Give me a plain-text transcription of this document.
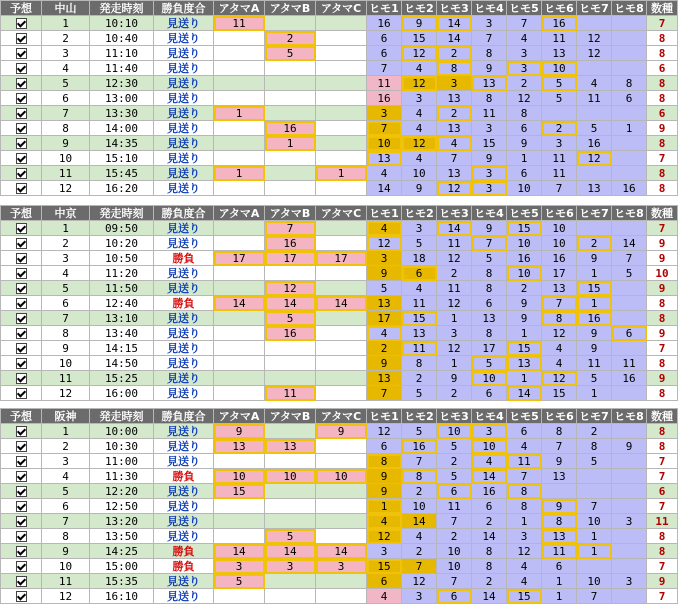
予想	中山	発走時刻	勝負度合	アタマA	アタマB	アタマC	ヒモ1	ヒモ2	ヒモ3	ヒモ4	ヒモ5	ヒモ6	ヒモ7	ヒモ8	数種
	1	10:10	見送り	11			16	9	14	3	7	16			7
	2	10:40	見送り		2		6	15	14	7	4	11	12		8
	3	11:10	見送り		5		6	12	2	8	3	13	12		8
	4	11:40	見送り				7	4	8	9	3	10			6
	5	12:30	見送り				11	12	3	13	2	5	4	8	8
	6	13:00	見送り				16	3	13	8	12	5	11	6	8
	7	13:30	見送り	1			3	4	2	11	8				6
	8	14:00	見送り		16		7	4	13	3	6	2	5	1	9
	9	14:35	見送り		1		10	12	4	15	9	3	16		8
	10	15:10	見送り				13	4	7	9	1	11	12		7
	11	15:45	見送り	1		1	4	10	13	3	6	11			8
	12	16:20	見送り				14	9	12	3	10	7	13	16	8
予想	中京	発走時刻	勝負度合	アタマA	アタマB	アタマC	ヒモ1	ヒモ2	ヒモ3	ヒモ4	ヒモ5	ヒモ6	ヒモ7	ヒモ8	数種
	1	09:50	見送り		7		4	3	14	9	15	10			7
	2	10:20	見送り		16		12	5	11	7	10	10	2	14	9
	3	10:50	勝負	17	17	17	3	18	12	5	16	16	9	7	9
	4	11:20	見送り				9	6	2	8	10	17	1	5	10
	5	11:50	見送り		12		5	4	11	8	2	13	15		9
	6	12:40	勝負	14	14	14	13	11	12	6	9	7	1		8
	7	13:10	見送り		5		17	15	1	13	9	8	16		8
	8	13:40	見送り		16		4	13	3	8	1	12	9	6	9
	9	14:15	見送り				2	11	12	17	15	4	9		7
	10	14:50	見送り				9	8	1	5	13	4	11	11	8
	11	15:25	見送り				13	2	9	10	1	12	5	16	9
	12	16:00	見送り		11		7	5	2	6	14	15	1		8
予想	阪神	発走時刻	勝負度合	アタマA	アタマB	アタマC	ヒモ1	ヒモ2	ヒモ3	ヒモ4	ヒモ5	ヒモ6	ヒモ7	ヒモ8	数種
	1	10:00	見送り	9		9	12	5	10	3	6	8	2		8
	2	10:30	見送り	13	13		6	16	5	10	4	7	8	9	8
	3	11:00	見送り				8	7	2	4	11	9	5		7
	4	11:30	勝負	10	10	10	9	8	5	14	7	13			7
	5	12:20	見送り	15			9	2	6	16	8				6
	6	12:50	見送り				1	10	11	6	8	9	7		7
	7	13:20	見送り				4	14	7	2	1	8	10	3	11
	8	13:50	見送り		5		12	4	2	14	3	13	1		8
	9	14:25	勝負	14	14	14	3	2	10	8	12	11	1		8
	10	15:00	勝負	3	3	3	15	7	10	8	4	6			7
	11	15:35	見送り	5			6	12	7	2	4	1	10	3	9
	12	16:10	見送り				4	3	6	14	15	1	7		7
